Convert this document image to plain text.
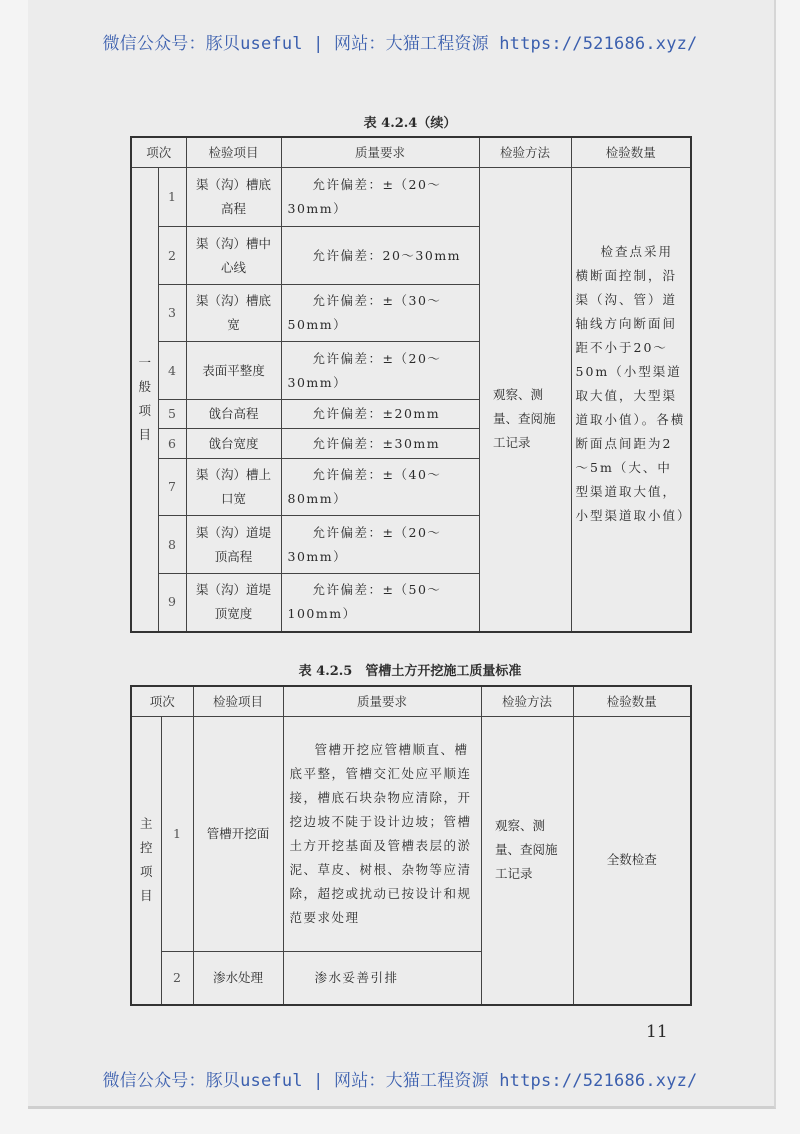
微信公众号：豚贝useful | 网站：大猫工程资源 https://521686.xyz/
表 4.2.4（续）
项次		检验项目	质量要求	检验方法	检验数量
一般项目	1	渠（沟）槽底高程	允许偏差：±（20～30mm）	观察、测量、查阅施工记录	检查点采用横断面控制，沿渠（沟、管）道轴线方向断面间距不小于20～50m（小型渠道取大值，大型渠道取小值）。各横断面点间距为2～5m（大、中型渠道取大值，小型渠道取小值）

	2	渠（沟）槽中心线	允许偏差：20～30mm		
	3	渠（沟）槽底宽	允许偏差：±（30～50mm）		
	4	表面平整度	允许偏差：±（20～30mm）		
	5	戗台高程	允许偏差：±20mm		
	6	戗台宽度	允许偏差：±30mm		
	7	渠（沟）槽上口宽	允许偏差：±（40～80mm）		
	8	渠（沟）道堤顶高程	允许偏差：±（20～30mm）		
	9	渠（沟）道堤顶宽度	允许偏差：±（50～100mm）		
表 4.2.5　管槽土方开挖施工质量标准
项次		检验项目	质量要求	检验方法	检验数量
主控项目	1	管槽开挖面	管槽开挖应管槽顺直、槽底平整，管槽交汇处应平顺连接，槽底石块杂物应清除，开挖边坡不陡于设计边坡；管槽土方开挖基面及管槽表层的淤泥、草皮、树根、杂物等应清除，超挖或扰动已按设计和规范要求处理	观察、测量、查阅施工记录	全数检查
	2	渗水处理	渗水妥善引排		
11
微信公众号：豚贝useful | 网站：大猫工程资源 https://521686.xyz/
